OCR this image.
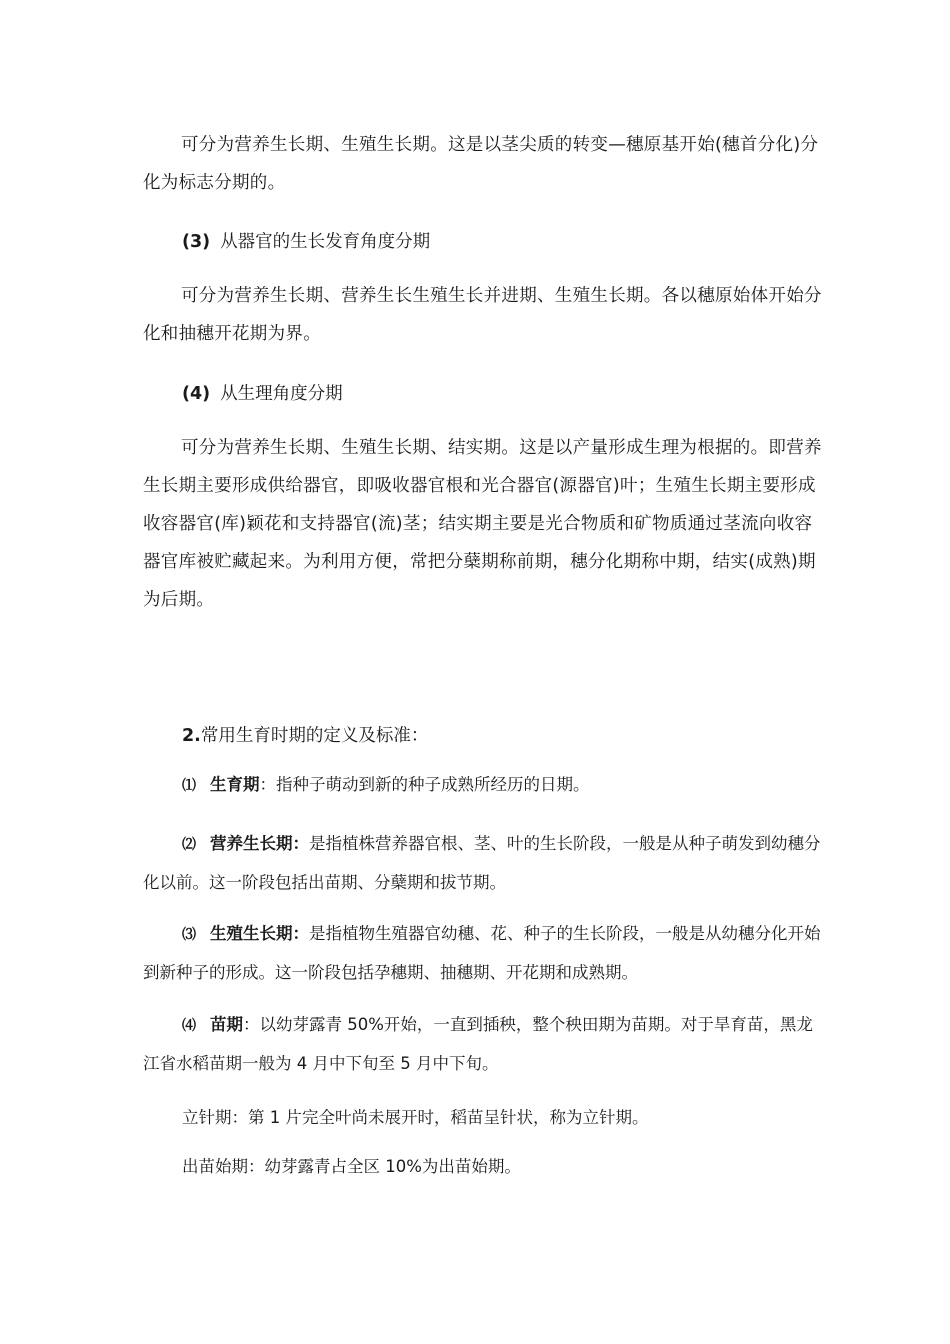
可分为营养生长期、生殖生长期。这是以茎尖质的转变—穗原基开始(穗首分化)分化为标志分期的。

(3) 从器官的生长发育角度分期

可分为营养生长期、营养生长生殖生长并进期、生殖生长期。各以穗原始体开始分化和抽穗开花期为界。

(4) 从生理角度分期

可分为营养生长期、生殖生长期、结实期。这是以产量形成生理为根据的。即营养生长期主要形成供给器官，即吸收器官根和光合器官(源器官)叶；生殖生长期主要形成收容器官(库)颖花和支持器官(流)茎；结实期主要是光合物质和矿物质通过茎流向收容器官库被贮藏起来。为利用方便，常把分蘖期称前期，穗分化期称中期，结实(成熟)期为后期。

2.常用生育时期的定义及标准：

⑴ 生育期：指种子萌动到新的种子成熟所经历的日期。

⑵ 营养生长期：是指植株营养器官根、茎、叶的生长阶段，一般是从种子萌发到幼穗分化以前。这一阶段包括出苗期、分蘖期和拔节期。

⑶ 生殖生长期：是指植物生殖器官幼穗、花、种子的生长阶段，一般是从幼穗分化开始到新种子的形成。这一阶段包括孕穗期、抽穗期、开花期和成熟期。

⑷ 苗期：以幼芽露青 50%开始，一直到插秧，整个秧田期为苗期。对于旱育苗，黑龙江省水稻苗期一般为 4 月中下旬至 5 月中下旬。

立针期：第 1 片完全叶尚未展开时，稻苗呈针状，称为立针期。
出苗始期：幼芽露青占全区 10%为出苗始期。
